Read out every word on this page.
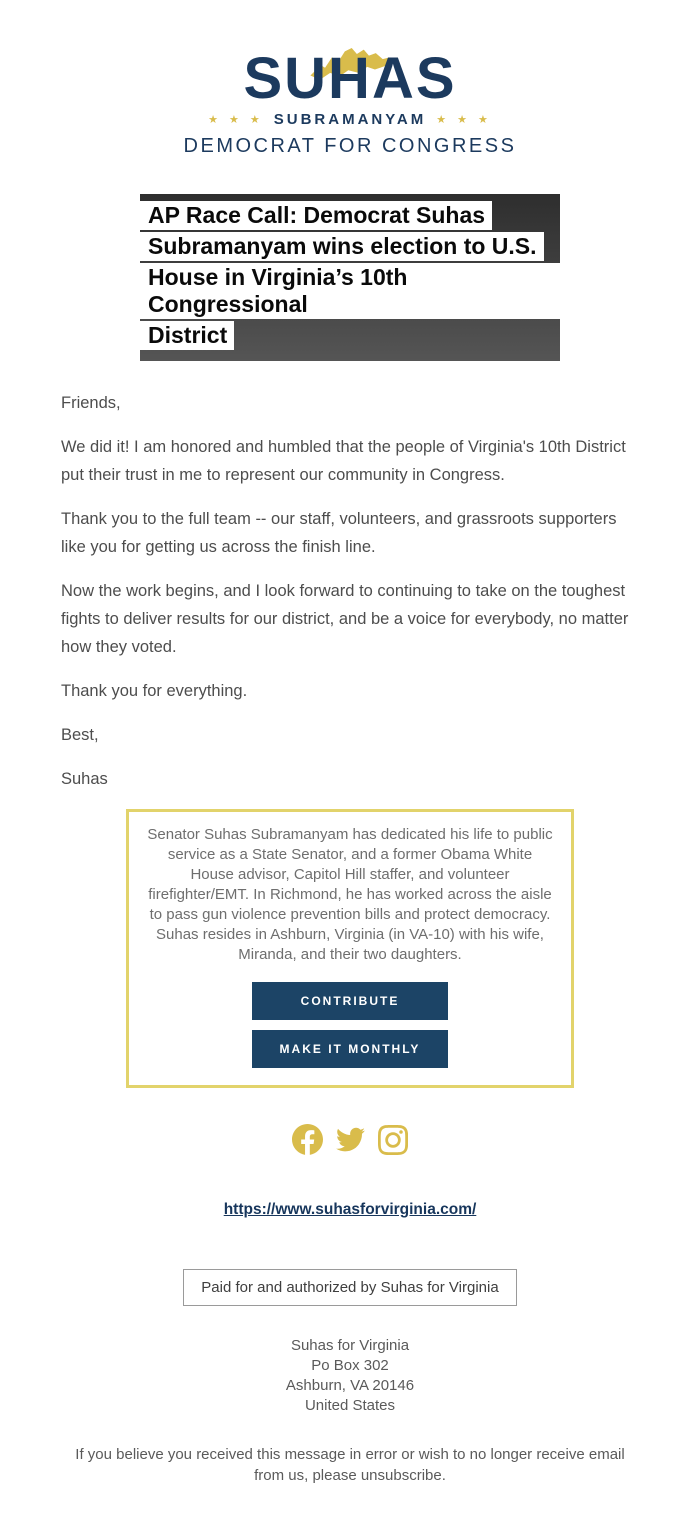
SUHAS
★ ★ ★ SUBRAMANYAM ★ ★ ★
DEMOCRAT FOR CONGRESS
AP Race Call: Democrat Suhas
Subramanyam wins election to U.S.
House in Virginia’s 10th Congressional
District

Friends,

We did it! I am honored and humbled that the people of Virginia's 10th District put their trust in me to represent our community in Congress.

Thank you to the full team -- our staff, volunteers, and grassroots supporters like you for getting us across the finish line.

Now the work begins, and I look forward to continuing to take on the toughest fights to deliver results for our district, and be a voice for everybody, no matter how they voted.

Thank you for everything.

Best,

Suhas

Senator Suhas Subramanyam has dedicated his life to public service as a State Senator, and a former Obama White House advisor, Capitol Hill staffer, and volunteer firefighter/EMT. In Richmond, he has worked across the aisle to pass gun violence prevention bills and protect democracy. Suhas resides in Ashburn, Virginia (in VA-10) with his wife, Miranda, and their two daughters.
CONTRIBUTE
MAKE IT MONTHLY
https://www.suhasforvirginia.com/
Paid for and authorized by Suhas for Virginia
Suhas for Virginia
Po Box 302
Ashburn, VA 20146
United States
If you believe you received this message in error or wish to no longer receive email from us, please unsubscribe.
